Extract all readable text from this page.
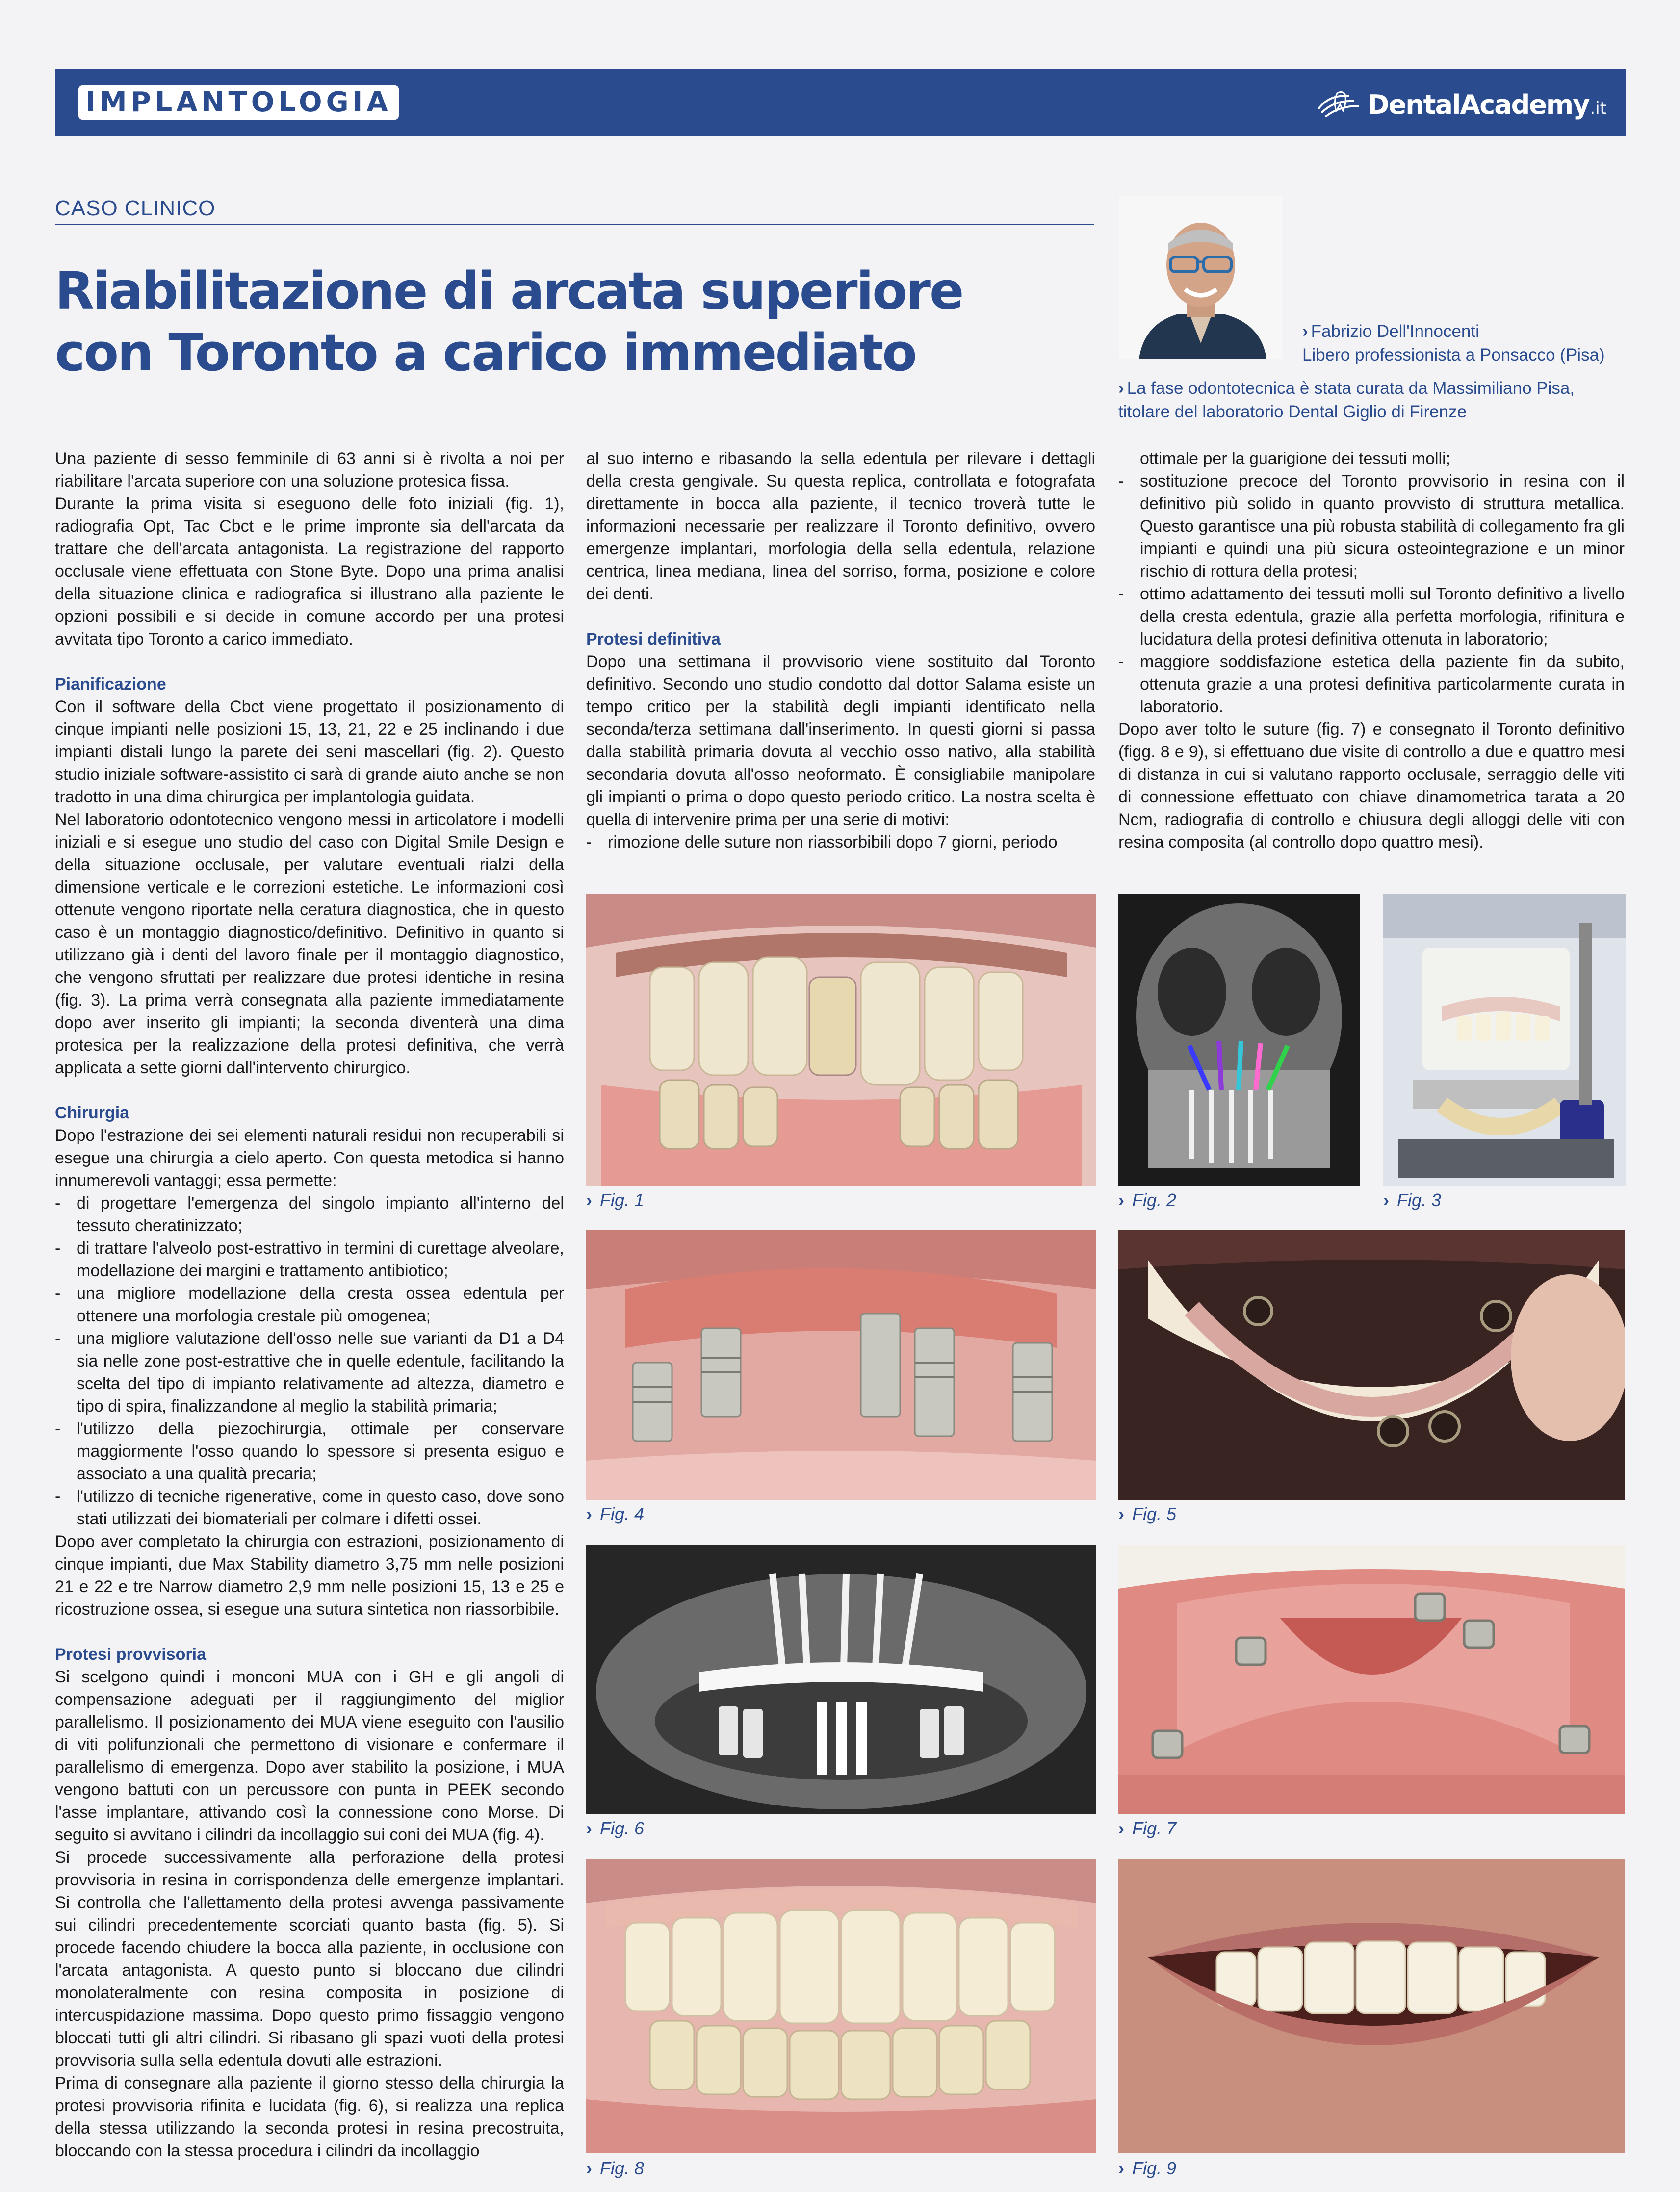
IMPLANTOLOGIA	DentalAcademy .it
CASO CLINICO
Riabilitazione di arcata superiore
con Toronto a carico immediato	› Fabrizio Dell'Innocenti
Libero professionista a Ponsacco (Pisa)
› La fase odontotecnica è stata curata da Massimiliano Pisa,
titolare del laboratorio Dental Giglio di Firenze

Una paziente di sesso femminile di 63 anni si è rivolta a noi per riabilitare l'arcata superiore con una soluzione protesica fissa.

Durante la prima visita si eseguono delle foto iniziali (fig. 1), radiografia Opt, Tac Cbct e le prime impronte sia dell'arcata da trattare che dell'arcata antagonista. La registrazione del rapporto occlusale viene effettuata con Stone Byte. Dopo una prima analisi della situazione clinica e radiografica si illustrano alla paziente le opzioni possibili e si decide in comune accordo per una protesi avvitata tipo Toronto a carico immediato.

Pianificazione

Con il software della Cbct viene progettato il posizionamento di cinque impianti nelle posizioni 15, 13, 21, 22 e 25 inclinando i due impianti distali lungo la parete dei seni mascellari (fig. 2). Questo studio iniziale software-assistito ci sarà di grande aiuto anche se non tradotto in una dima chirurgica per implantologia guidata.

Nel laboratorio odontotecnico vengono messi in articolatore i modelli iniziali e si esegue uno studio del caso con Digital Smile Design e della situazione occlusale, per valutare eventuali rialzi della dimensione verticale e le correzioni estetiche. Le informazioni così ottenute vengono riportate nella ceratura diagnostica, che in questo caso è un montaggio diagnostico/definitivo. Definitivo in quanto si utilizzano già i denti del lavoro finale per il montaggio diagnostico, che vengono sfruttati per realizzare due protesi identiche in resina (fig. 3). La prima verrà consegnata alla paziente immediatamente dopo aver inserito gli impianti; la seconda diventerà una dima protesica per la realizzazione della protesi definitiva, che verrà applicata a sette giorni dall'intervento chirurgico.

Chirurgia

Dopo l'estrazione dei sei elementi naturali residui non recuperabili si esegue una chirurgia a cielo aperto. Con questa metodica si hanno innumerevoli vantaggi; essa permette:

- di progettare l'emergenza del singolo impianto all'interno del tessuto cheratinizzato;
- di trattare l'alveolo post-estrattivo in termini di curettage alveolare, modellazione dei margini e trattamento antibiotico;
- una migliore modellazione della cresta ossea edentula per ottenere una morfologia crestale più omogenea;
- una migliore valutazione dell'osso nelle sue varianti da D1 a D4 sia nelle zone post-estrattive che in quelle edentule, facilitando la scelta del tipo di impianto relativamente ad altezza, diametro e tipo di spira, finalizzandone al meglio la stabilità primaria;
- l'utilizzo della piezochirurgia, ottimale per conservare maggiormente l'osso quando lo spessore si presenta esiguo e associato a una qualità precaria;
- l'utilizzo di tecniche rigenerative, come in questo caso, dove sono stati utilizzati dei biomateriali per colmare i difetti ossei.

Dopo aver completato la chirurgia con estrazioni, posizionamento di cinque impianti, due Max Stability diametro 3,75 mm nelle posizioni 21 e 22 e tre Narrow diametro 2,9 mm nelle posizioni 15, 13 e 25 e ricostruzione ossea, si esegue una sutura sintetica non riassorbibile.

Protesi provvisoria

Si scelgono quindi i monconi MUA con i GH e gli angoli di compensazione adeguati per il raggiungimento del miglior parallelismo. Il posizionamento dei MUA viene eseguito con l'ausilio di viti polifunzionali che permettono di visionare e confermare il parallelismo di emergenza. Dopo aver stabilito la posizione, i MUA vengono battuti con un percussore con punta in PEEK secondo l'asse implantare, attivando così la connessione cono Morse. Di seguito si avvitano i cilindri da incollaggio sui coni dei MUA (fig. 4).

Si procede successivamente alla perforazione della protesi provvisoria in resina in corrispondenza delle emergenze implantari. Si controlla che l'allettamento della protesi avvenga passivamente sui cilindri precedentemente scorciati quanto basta (fig. 5). Si procede facendo chiudere la bocca alla paziente, in occlusione con l'arcata antagonista. A questo punto si bloccano due cilindri monolateralmente con resina composita in posizione di intercuspidazione massima. Dopo questo primo fissaggio vengono bloccati tutti gli altri cilindri. Si ribasano gli spazi vuoti della protesi provvisoria sulla sella edentula dovuti alle estrazioni.

Prima di consegnare alla paziente il giorno stesso della chirurgia la protesi provvisoria rifinita e lucidata (fig. 6), si realizza una replica della stessa utilizzando la seconda protesi in resina precostruita, bloccando con la stessa procedura i cilindri da incollaggio

al suo interno e ribasando la sella edentula per rilevare i dettagli della cresta gengivale. Su questa replica, controllata e fotografata direttamente in bocca alla paziente, il tecnico troverà tutte le informazioni necessarie per realizzare il Toronto definitivo, ovvero emergenze implantari, morfologia della sella edentula, relazione centrica, linea mediana, linea del sorriso, forma, posizione e colore dei denti.

Protesi definitiva

Dopo una settimana il provvisorio viene sostituito dal Toronto definitivo. Secondo uno studio condotto dal dottor Salama esiste un tempo critico per la stabilità degli impianti identificato nella seconda/terza settimana dall'inserimento. In questi giorni si passa dalla stabilità primaria dovuta al vecchio osso nativo, alla stabilità secondaria dovuta all'osso neoformato. È consigliabile manipolare gli impianti o prima o dopo questo periodo critico. La nostra scelta è quella di intervenire prima per una serie di motivi:

- rimozione delle suture non riassorbibili dopo 7 giorni, periodo

ottimale per la guarigione dei tessuti molli;

- sostituzione precoce del Toronto provvisorio in resina con il definitivo più solido in quanto provvisto di struttura metallica. Questo garantisce una più robusta stabilità di collegamento fra gli impianti e quindi una più sicura osteointegrazione e un minor rischio di rottura della protesi;
- ottimo adattamento dei tessuti molli sul Toronto definitivo a livello della cresta edentula, grazie alla perfetta morfologia, rifinitura e lucidatura della protesi definitiva ottenuta in laboratorio;
- maggiore soddisfazione estetica della paziente fin da subito, ottenuta grazie a una protesi definitiva particolarmente curata in laboratorio.

Dopo aver tolto le suture (fig. 7) e consegnato il Toronto definitivo (figg. 8 e 9), si effettuano due visite di controllo a due e quattro mesi di distanza in cui si valutano rapporto occlusale, serraggio delle viti di connessione effettuato con chiave dinamometrica tarata a 20 Ncm, radiografia di controllo e chiusura degli alloggi delle viti con resina composita (al controllo dopo quattro mesi).

› Fig. 1	› Fig. 2	› Fig. 3
› Fig. 4	› Fig. 5
› Fig. 6	› Fig. 7
› Fig. 8	› Fig. 9
